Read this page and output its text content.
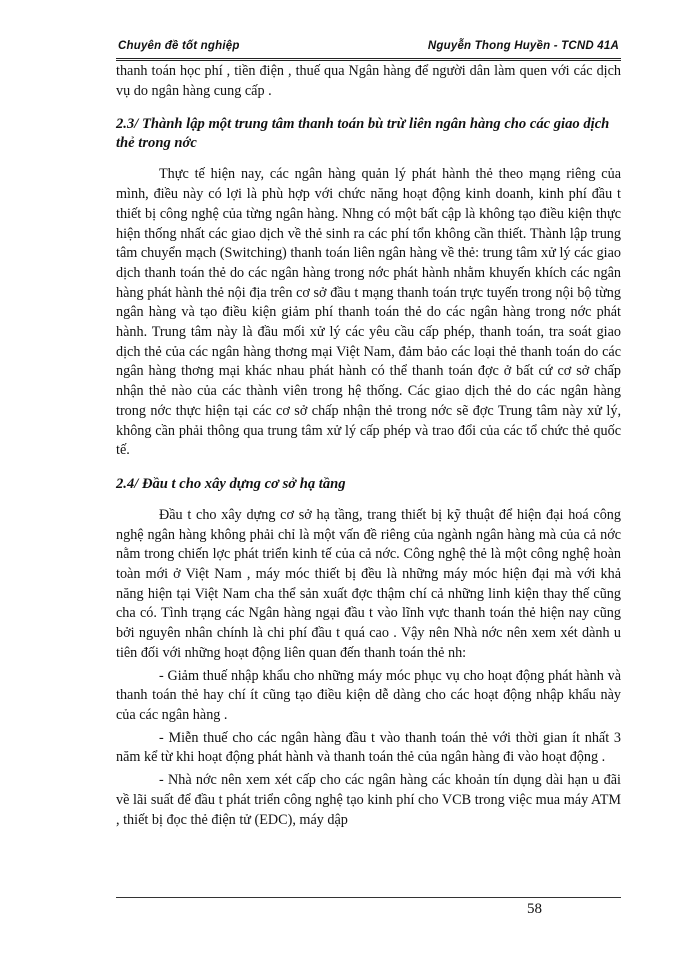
Chuyên đề tốt nghiệp	Nguyễn Thong Huyền - TCND 41A

thanh toán học phí , tiền điện , thuế qua Ngân hàng để người dân làm quen với các dịch vụ do ngân hàng cung cấp .

2.3/ Thành lập một trung tâm thanh toán bù trừ liên ngân hàng cho các giao dịch thẻ trong nớc

Thực tế hiện nay, các ngân hàng quản lý phát hành thẻ theo mạng riêng của mình, điều này có lợi là phù hợp với chức năng hoạt động kinh doanh, kinh phí đầu t thiết bị công nghệ của từng ngân hàng. Nhng có một bất cập là không tạo điều kiện thực hiện thống nhất các giao dịch về thẻ sinh ra các phí tổn không cần thiết. Thành lập trung tâm chuyển mạch (Switching) thanh toán liên ngân hàng về thẻ: trung tâm xử lý các giao dịch thanh toán thẻ do các ngân hàng trong nớc phát hành nhằm khuyến khích các ngân hàng phát hành thẻ nội địa trên cơ sở đầu t mạng thanh toán trực tuyến trong nội bộ từng ngân hàng và tạo điều kiện giảm phí thanh toán thẻ do các ngân hàng trong nớc phát hành. Trung tâm này là đầu mối xử lý các yêu cầu cấp phép, thanh toán, tra soát giao dịch thẻ của các ngân hàng thơng mại Việt Nam, đảm bảo các loại thẻ thanh toán do các ngân hàng thơng mại khác nhau phát hành có thể thanh toán đợc ở bất cứ cơ sở chấp nhận thẻ nào của các thành viên trong hệ thống. Các giao dịch thẻ do các ngân hàng trong nớc thực hiện tại các cơ sở chấp nhận thẻ trong nớc sẽ đợc Trung tâm này xử lý, không cần phải thông qua trung tâm xử lý cấp phép và trao đổi của các tổ chức thẻ quốc tế.

2.4/ Đầu t cho xây dựng cơ sở hạ tầng

Đầu t cho xây dựng cơ sở hạ tầng, trang thiết bị kỹ thuật để hiện đại hoá công nghệ ngân hàng không phải chỉ là một vấn đề riêng của ngành ngân hàng mà của cả nớc nằm trong chiến lợc phát triển kinh tế của cả nớc. Công nghệ thẻ là một công nghệ hoàn toàn mới ở Việt Nam , máy móc thiết bị đều là những máy móc hiện đại mà với khả năng hiện tại Việt Nam cha thể sản xuất đợc thậm chí cả những linh kiện thay thế cũng cha có. Tình trạng các Ngân hàng ngại đầu t vào lĩnh vực thanh toán thẻ hiện nay cũng bởi nguyên nhân chính là chi phí đầu t quá cao . Vậy nên Nhà nớc nên xem xét dành u tiên đối với những hoạt động liên quan đến thanh toán thẻ nh:

- Giảm thuế nhập khẩu cho những máy móc phục vụ cho hoạt động phát hành và thanh toán thẻ hay chí ít cũng tạo điều kiện dễ dàng cho các hoạt động nhập khẩu này của các ngân hàng .

- Miễn thuế cho các ngân hàng đầu t vào thanh toán thẻ với thời gian ít nhất 3 năm kể từ khi hoạt động phát hành và thanh toán thẻ của ngân hàng đi vào hoạt động .

- Nhà nớc nên xem xét cấp cho các ngân hàng các khoản tín dụng dài hạn u đãi về lãi suất để đầu t phát triển công nghệ tạo kinh phí cho VCB trong việc mua máy ATM , thiết bị đọc thẻ điện tử (EDC), máy dập

58
